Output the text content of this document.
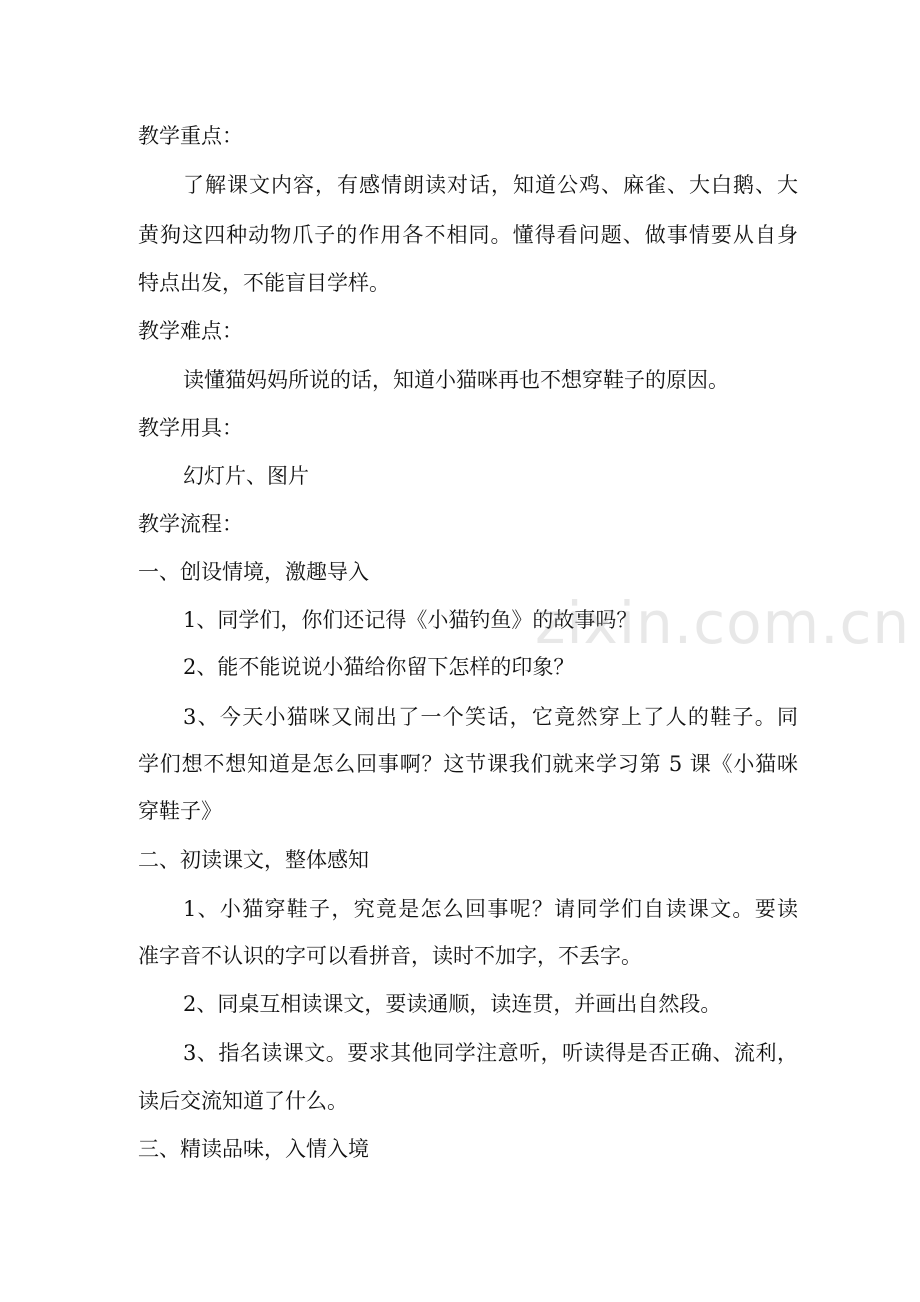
教学重点：
了解课文内容，有感情朗读对话，知道公鸡、麻雀、大白鹅、大
黄狗这四种动物爪子的作用各不相同。懂得看问题、做事情要从自身
特点出发，不能盲目学样。
教学难点：
读懂猫妈妈所说的话，知道小猫咪再也不想穿鞋子的原因。
教学用具：
幻灯片、图片
教学流程：
一、创设情境，激趣导入
1、同学们，你们还记得《小猫钓鱼》的故事吗？
2、能不能说说小猫给你留下怎样的印象？
3、今天小猫咪又闹出了一个笑话，它竟然穿上了人的鞋子。同
学们想不想知道是怎么回事啊？这节课我们就来学习第 5 课《小猫咪
穿鞋子》
二、初读课文，整体感知
1、小猫穿鞋子，究竟是怎么回事呢？请同学们自读课文。要读
准字音不认识的字可以看拼音，读时不加字，不丢字。
2、同桌互相读课文，要读通顺，读连贯，并画出自然段。
3、指名读课文。要求其他同学注意听，听读得是否正确、流利，
读后交流知道了什么。
三、精读品味，入情入境
zixin.com.cn
